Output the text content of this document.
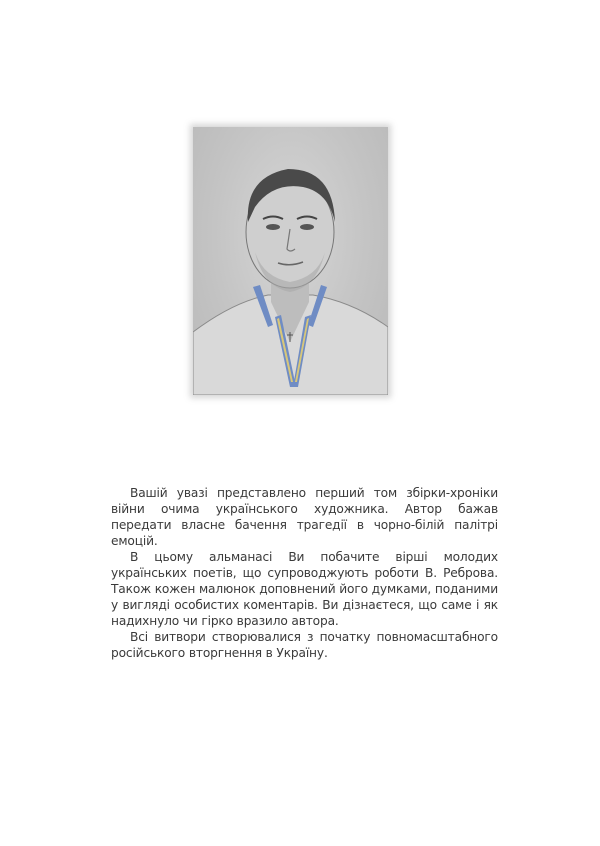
Вашій увазі представлено перший том збірки-хроніки війни очима українського художника. Автор бажав передати власне бачення трагедії в чорно-білій палітрі емоцій.

В цьому альманасі Ви побачите вірші молодих українських поетів, що супроводжують роботи В. Реброва. Також кожен малюнок доповнений його думками, поданими у вигляді особистих коментарів. Ви дізнаєтеся, що саме і як надихнуло чи гірко вразило автора.

Всі витвори створювалися з початку повномасштабного російського вторгнення в Україну.
